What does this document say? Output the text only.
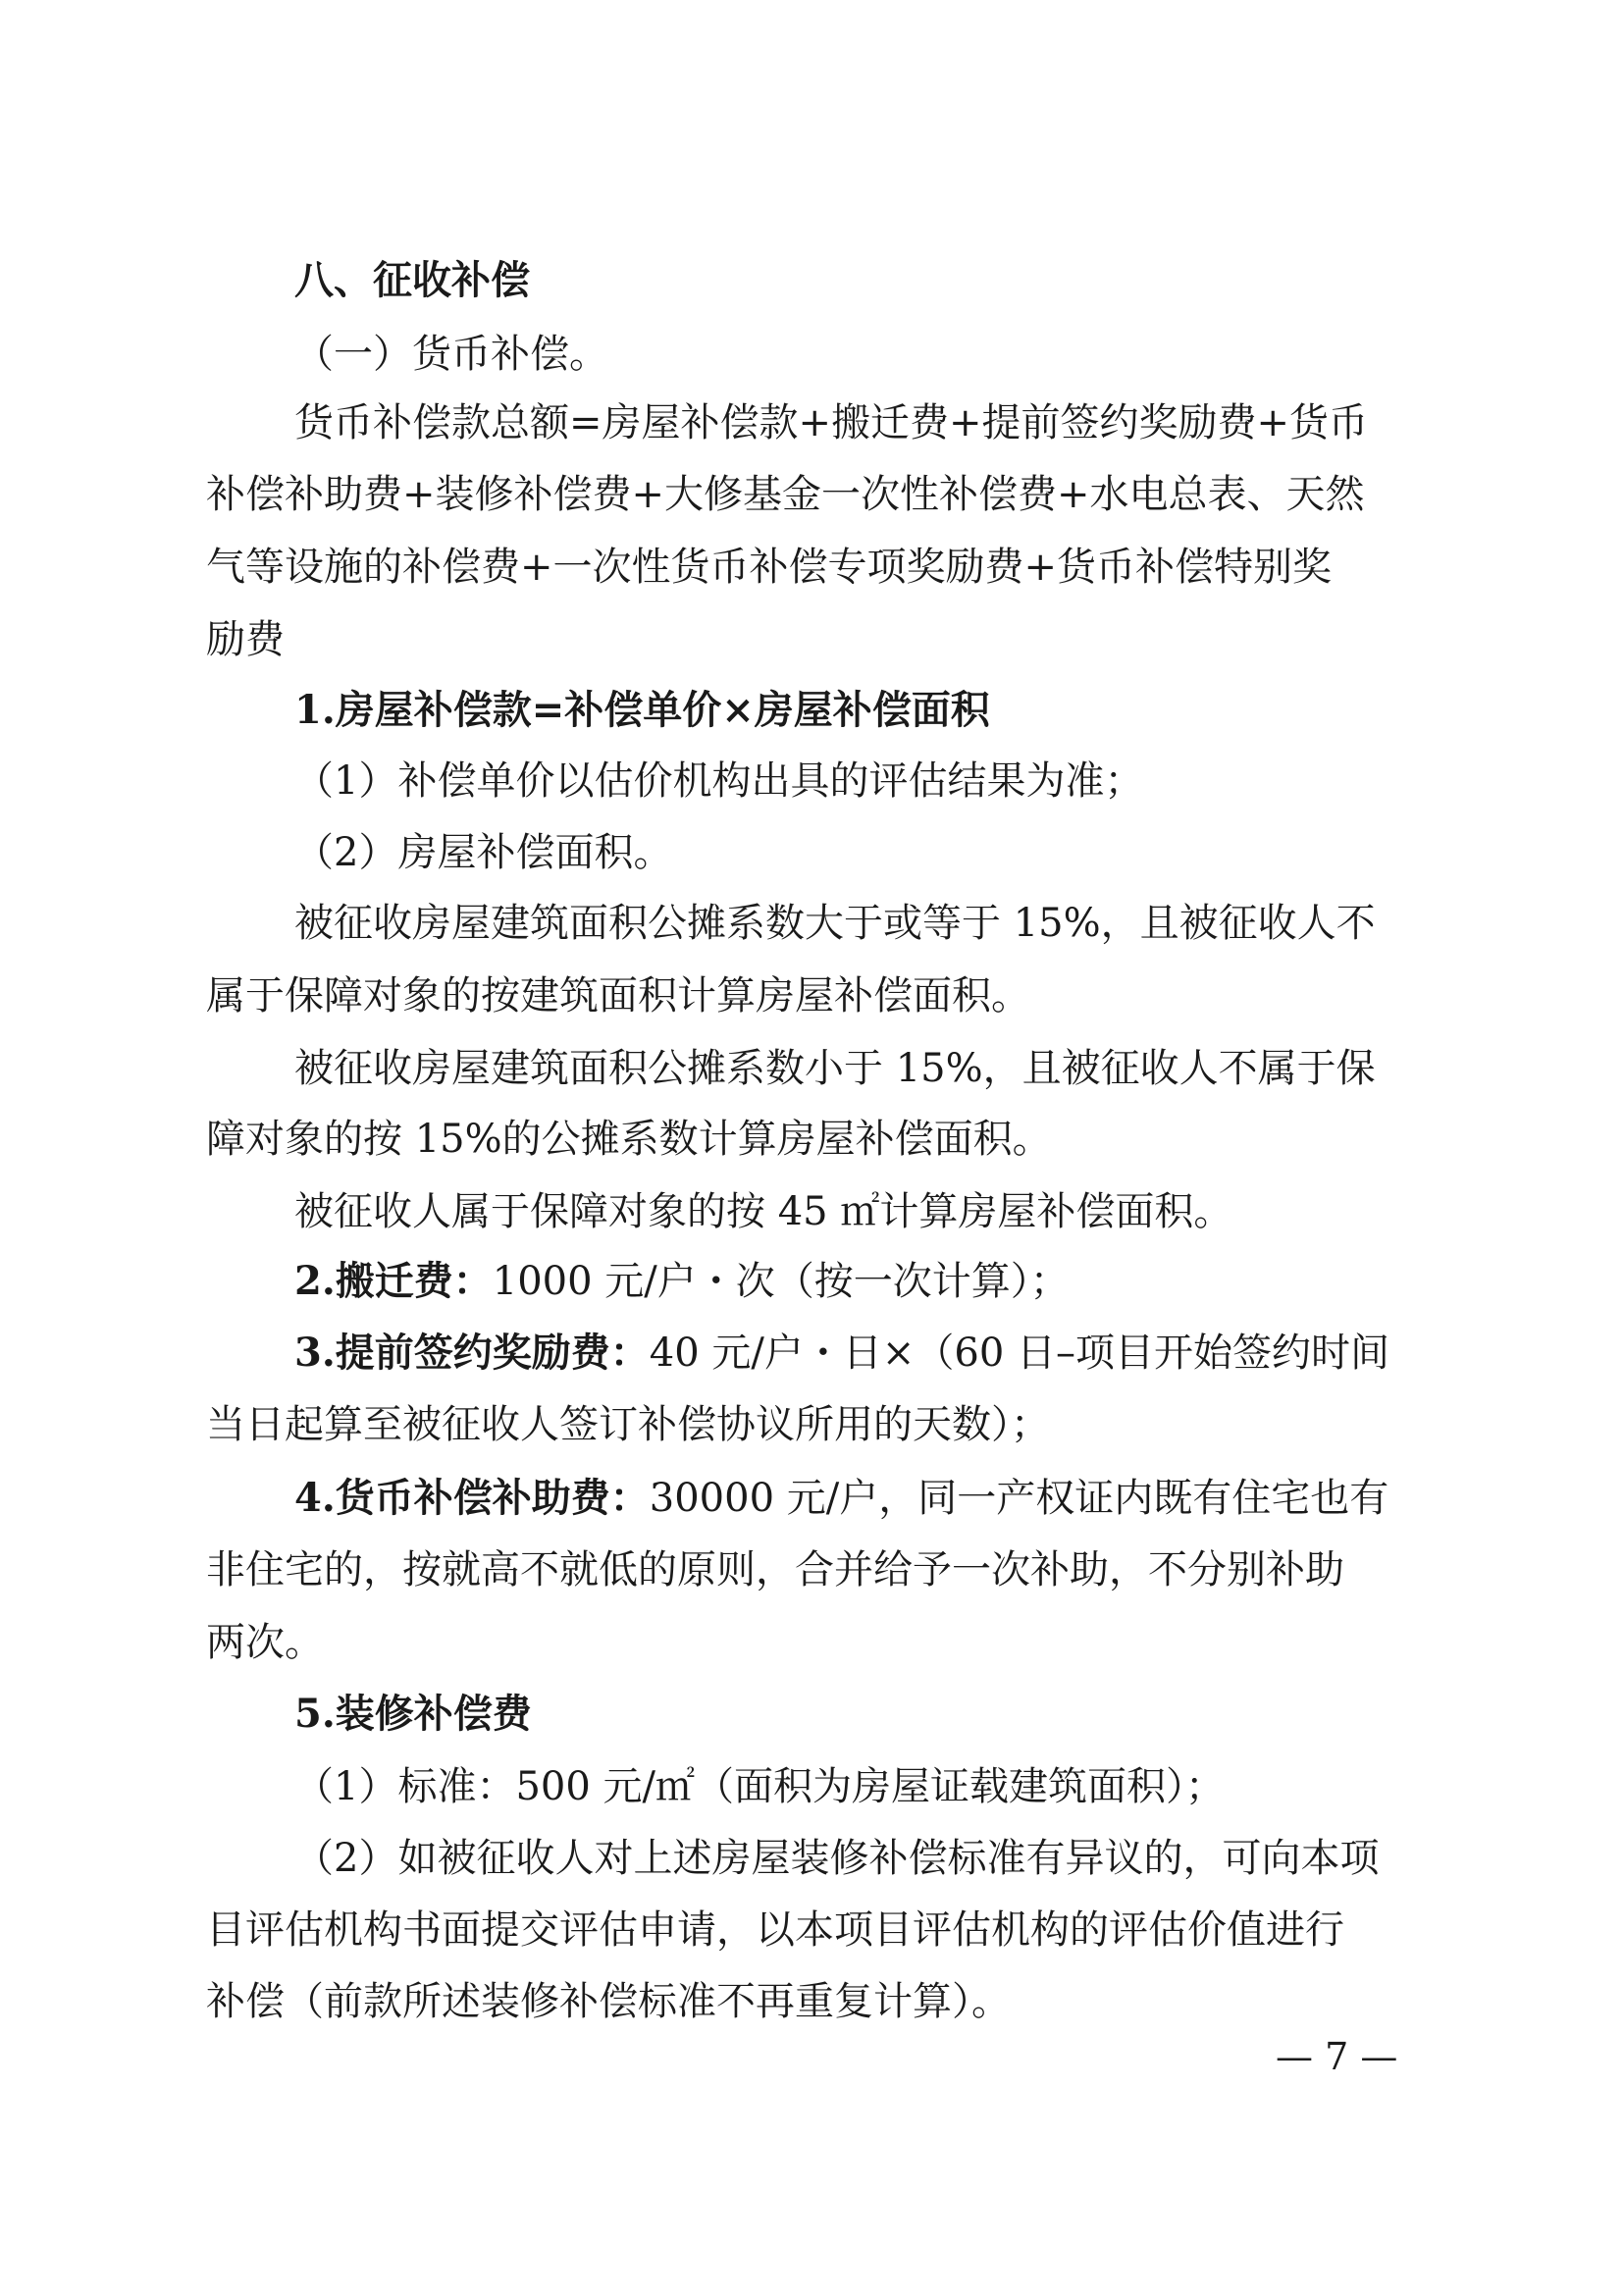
八、征收补偿
（一）货币补偿。
货币补偿款总额=房屋补偿款+搬迁费+提前签约奖励费+货币
补偿补助费+装修补偿费+大修基金一次性补偿费+水电总表、天然
气等设施的补偿费+一次性货币补偿专项奖励费+货币补偿特别奖
励费
1.房屋补偿款=补偿单价×房屋补偿面积
（1）补偿单价以估价机构出具的评估结果为准；
（2）房屋补偿面积。
被征收房屋建筑面积公摊系数大于或等于 15%，且被征收人不
属于保障对象的按建筑面积计算房屋补偿面积。
被征收房屋建筑面积公摊系数小于 15%，且被征收人不属于保
障对象的按 15%的公摊系数计算房屋补偿面积。
被征收人属于保障对象的按 45 ㎡计算房屋补偿面积。
2.搬迁费：1000 元/户・次（按一次计算）；
3.提前签约奖励费：40 元/户・日×（60 日–项目开始签约时间
当日起算至被征收人签订补偿协议所用的天数）；
4.货币补偿补助费：30000 元/户，同一产权证内既有住宅也有
非住宅的，按就高不就低的原则，合并给予一次补助，不分别补助
两次。
5.装修补偿费
（1）标准：500 元/㎡（面积为房屋证载建筑面积）；
（2）如被征收人对上述房屋装修补偿标准有异议的，可向本项
目评估机构书面提交评估申请，以本项目评估机构的评估价值进行
补偿（前款所述装修补偿标准不再重复计算）。
— 7 —
